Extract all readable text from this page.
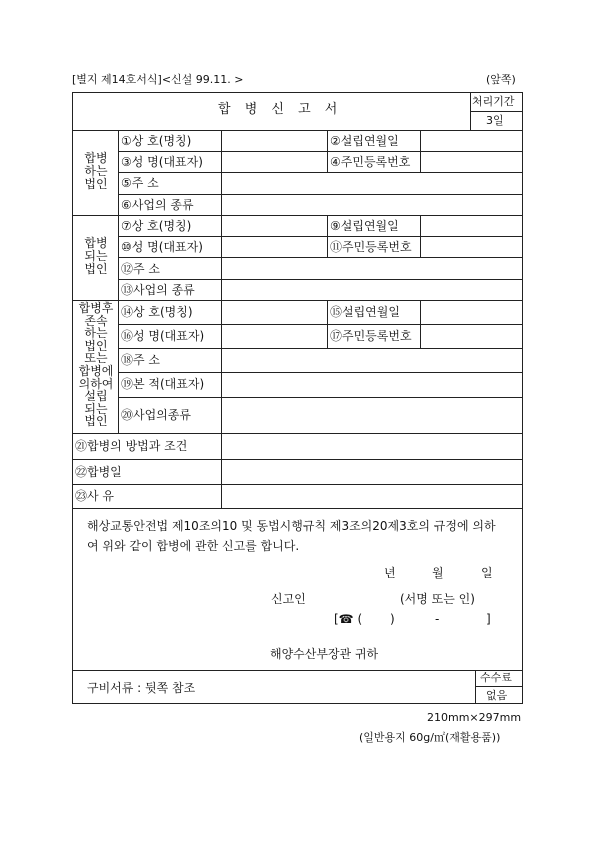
[별지 제14호서식]<신설 99.11. >	(앞쪽)
합 병 신 고 서
처리기간
3일
합병
하는
법인
①상 호(명칭)	②설립연월일
③성 명(대표자)	④주민등록번호
⑤주 소
⑥사업의 종류
합병
되는
법인
⑦상 호(명칭)	⑨설립연월일
⑩성 명(대표자)	⑪주민등록번호
⑫주 소
⑬사업의 종류
합병후
존속
하는
법인
또는
합병에
의하여
설립
되는
법인
⑭상 호(명칭)	⑮설립연월일
⑯성 명(대표자)	⑰주민등록번호
⑱주 소
⑲본 적(대표자)
⑳사업의종류
㉑합병의 방법과 조건
㉒합병일
㉓사 유
해상교통안전법 제10조의10 및 동법시행규칙 제3조의20제3호의 규정에 의하여 위와 같이 합병에 관한 신고를 합니다.
년	월	일
신고인	(서명 또는 인)
[☎ ( )	-	]
해양수산부장관 귀하
구비서류 : 뒷쪽 참조
수수료
없음
210mm×297mm
(일반용지 60g/㎡(재활용품))
